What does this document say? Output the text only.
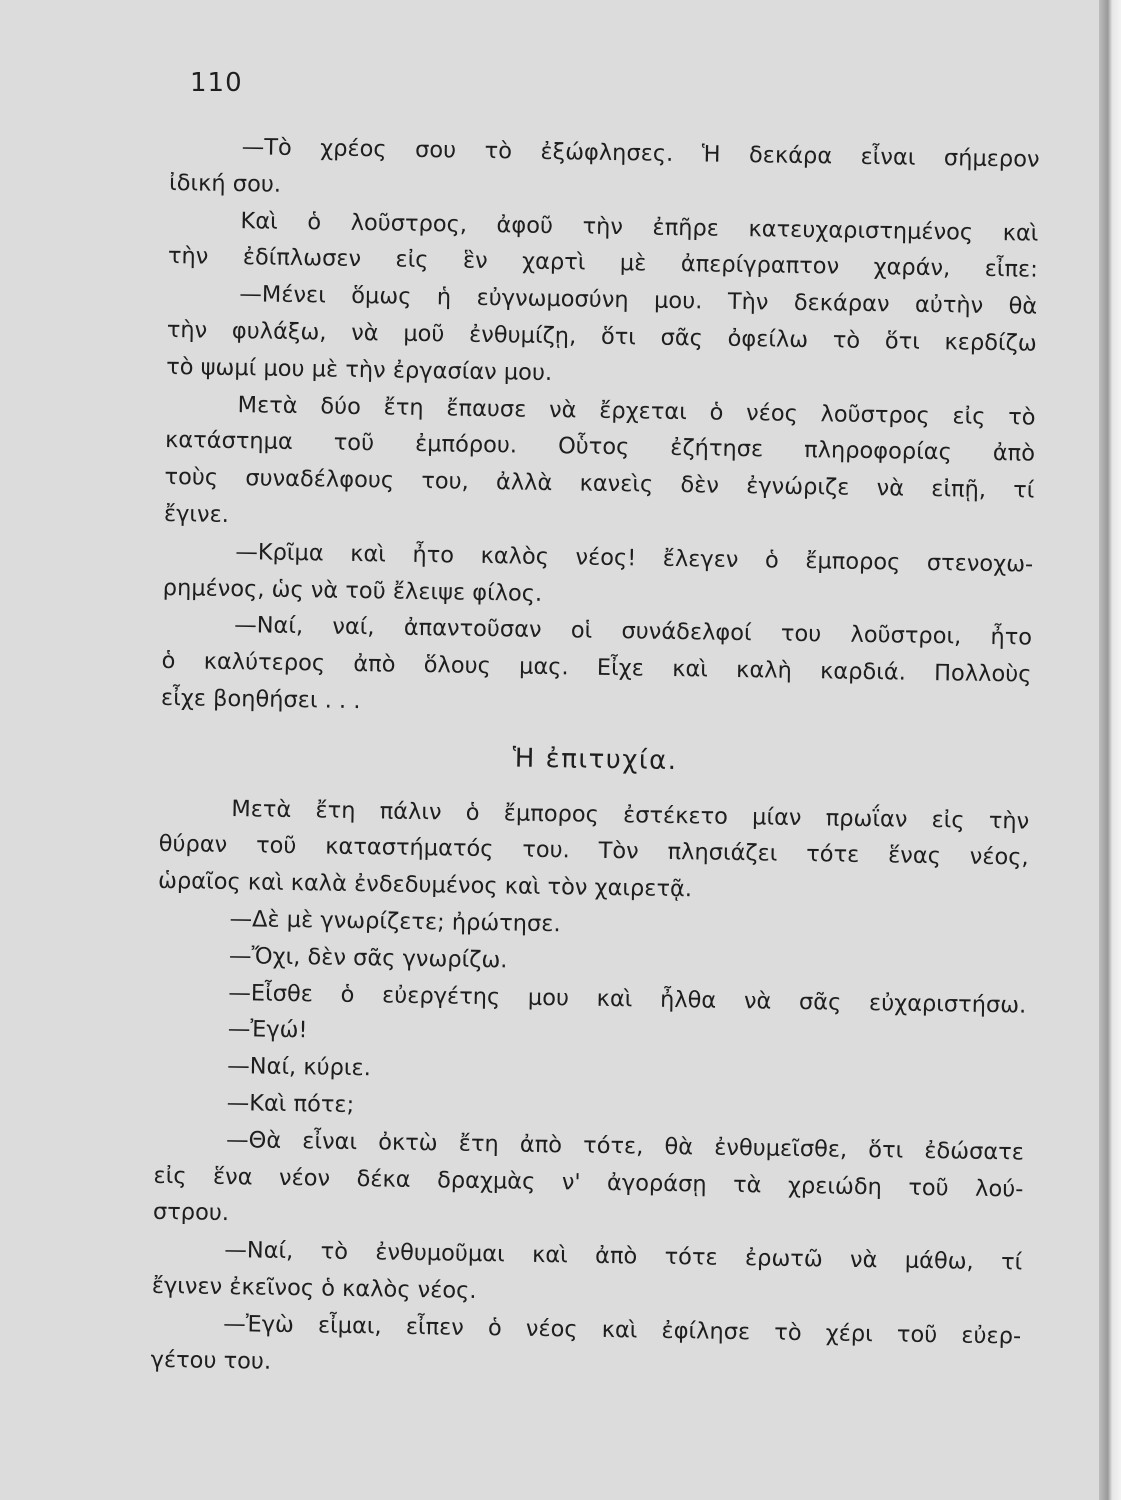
110
—Τὸ χρέος σου τὸ ἐξώφλησες. Ἡ δεκάρα εἶναι σήμερον
ἰδική σου.
Καὶ ὁ λοῦστρος, ἀφοῦ τὴν ἐπῆρε κατευχαριστημένος καὶ
τὴν ἐδίπλωσεν εἰς ἓν χαρτὶ μὲ ἀπερίγραπτον χαράν, εἶπε:
—Μένει ὅμως ἡ εὐγνωμοσύνη μου. Τὴν δεκάραν αὐτὴν θὰ
τὴν φυλάξω, νὰ μοῦ ἐνθυμίζῃ, ὅτι σᾶς ὀφείλω τὸ ὅτι κερδίζω
τὸ ψωμί μου μὲ τὴν ἐργασίαν μου.
Μετὰ δύο ἔτη ἔπαυσε νὰ ἔρχεται ὁ νέος λοῦστρος εἰς τὸ
κατάστημα τοῦ ἐμπόρου. Οὗτος ἐζήτησε πληροφορίας ἀπὸ
τοὺς συναδέλφους του, ἀλλὰ κανεὶς δὲν ἐγνώριζε νὰ εἰπῇ, τί
ἔγινε.
—Κρῖμα καὶ ἦτο καλὸς νέος! ἔλεγεν ὁ ἔμπορος στενοχω-
ρημένος, ὡς νὰ τοῦ ἔλειψε φίλος.
—Ναί, ναί, ἀπαντοῦσαν οἱ συνάδελφοί του λοῦστροι, ἦτο
ὁ καλύτερος ἀπὸ ὅλους μας. Εἶχε καὶ καλὴ καρδιά. Πολλοὺς
εἶχε βοηθήσει . . .
Ἡ ἐπιτυχία.
Μετὰ ἔτη πάλιν ὁ ἔμπορος ἐστέκετο μίαν πρωΐαν εἰς τὴν
θύραν τοῦ καταστήματός του. Τὸν πλησιάζει τότε ἕνας νέος,
ὡραῖος καὶ καλὰ ἐνδεδυμένος καὶ τὸν χαιρετᾷ.
—Δὲ μὲ γνωρίζετε; ἠρώτησε.
—Ὄχι, δὲν σᾶς γνωρίζω.
—Εἶσθε ὁ εὐεργέτης μου καὶ ἦλθα νὰ σᾶς εὐχαριστήσω.
—Ἐγώ!
—Ναί, κύριε.
—Καὶ πότε;
—Θὰ εἶναι ὀκτὼ ἔτη ἀπὸ τότε, θὰ ἐνθυμεῖσθε, ὅτι ἐδώσατε
εἰς ἕνα νέον δέκα δραχμὰς ν' ἀγοράσῃ τὰ χρειώδη τοῦ λού-
στρου.
—Ναί, τὸ ἐνθυμοῦμαι καὶ ἀπὸ τότε ἐρωτῶ νὰ μάθω, τί
ἔγινεν ἐκεῖνος ὁ καλὸς νέος.
—Ἐγὼ εἶμαι, εἶπεν ὁ νέος καὶ ἐφίλησε τὸ χέρι τοῦ εὐερ-
γέτου του.
